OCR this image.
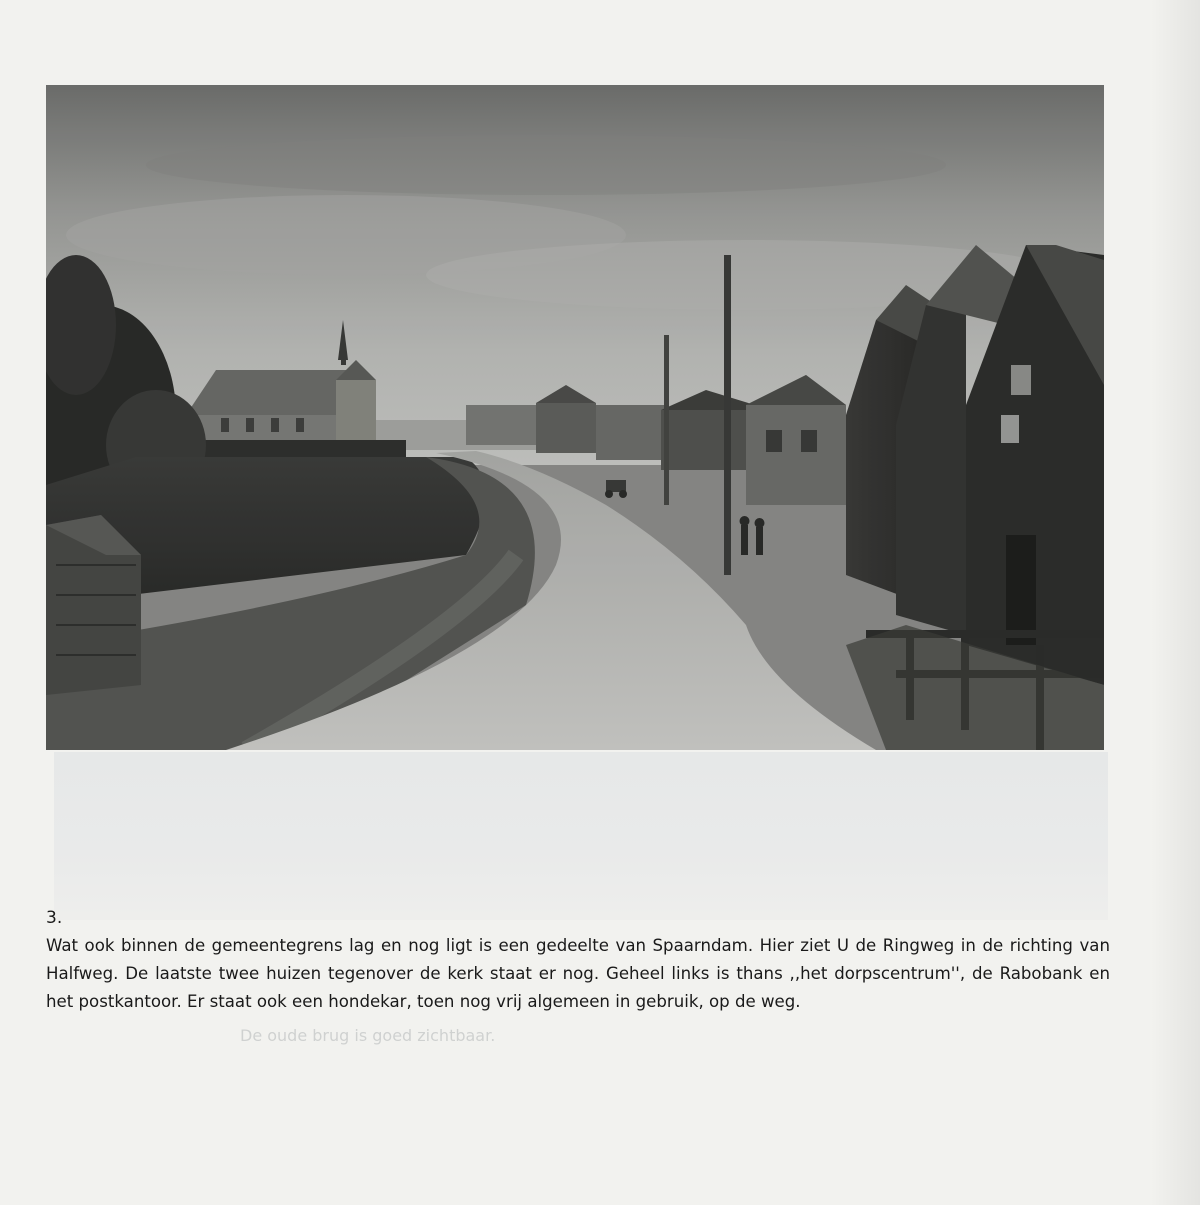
3.
Wat ook binnen de gemeentegrens lag en nog ligt is een gedeelte van Spaarndam. Hier ziet U de Ringweg in de richting van Halfweg. De laatste twee huizen tegenover de kerk staat er nog. Geheel links is thans ,,het dorpscentrum'', de Rabobank en het postkantoor. Er staat ook een hondekar, toen nog vrij algemeen in gebruik, op de weg.
De oude brug is goed zichtbaar.
